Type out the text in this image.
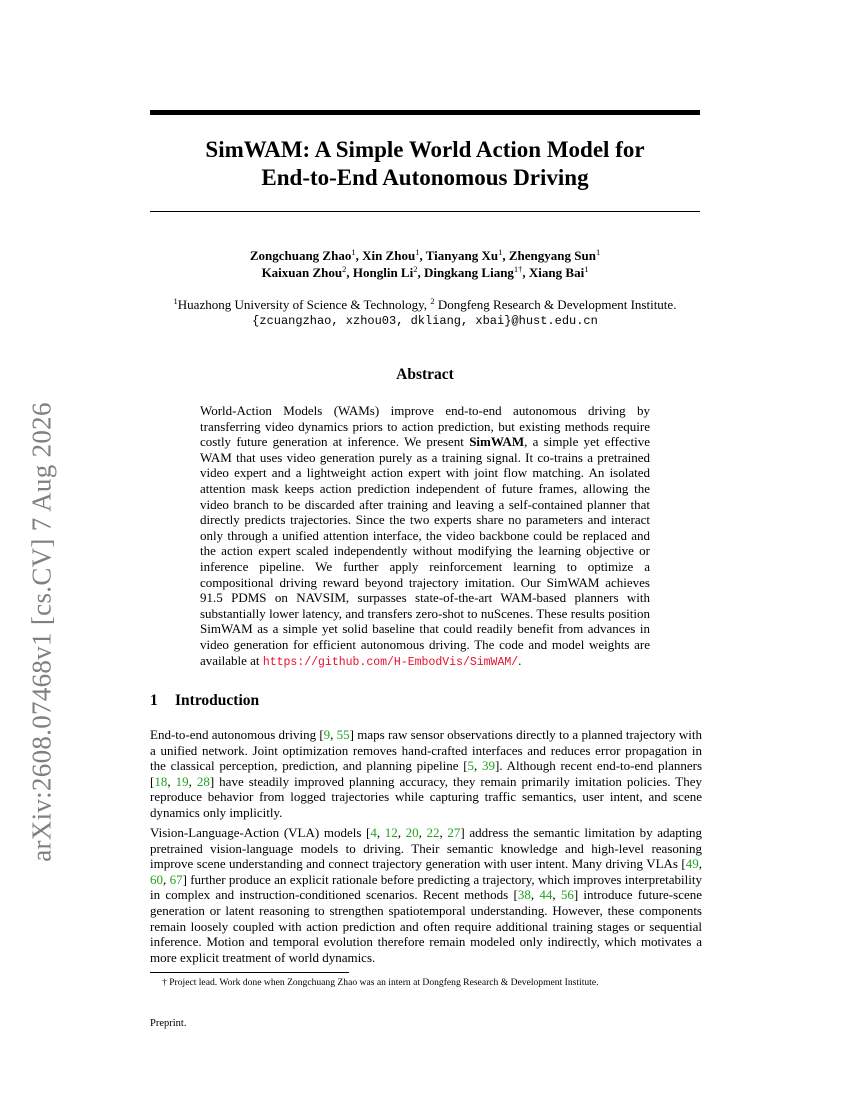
arXiv:2608.07468v1 [cs.CV] 7 Aug 2026
SimWAM: A Simple World Action Model for
End-to-End Autonomous Driving
Zongchuang Zhao$^1$, Xin Zhou$^1$, Tianyang Xu$^1$, Zhengyang Sun$^1$
Kaixuan Zhou$^2$, Honglin Li$^2$, Dingkang Liang$^{1\dagger}$, Xiang Bai$^1$
$^1$Huazhong University of Science & Technology, $^2$ Dongfeng Research & Development Institute.
{zcuangzhao, xzhou03, dkliang, xbai}@hust.edu.cn
Abstract
World-Action Models (WAMs) improve end-to-end autonomous driving by transferring video dynamics priors to action prediction, but existing methods require costly future generation at inference. We present SimWAM, a simple yet effective WAM that uses video generation purely as a training signal. It co-trains a pretrained video expert and a lightweight action expert with joint flow matching. An isolated attention mask keeps action prediction independent of future frames, allowing the video branch to be discarded after training and leaving a self-contained planner that directly predicts trajectories. Since the two experts share no parameters and interact only through a unified attention interface, the video backbone could be replaced and the action expert scaled independently without modifying the learning objective or inference pipeline. We further apply reinforcement learning to optimize a compositional driving reward beyond trajectory imitation. Our SimWAM achieves 91.5 PDMS on NAVSIM, surpasses state-of-the-art WAM-based planners with substantially lower latency, and transfers zero-shot to nuScenes. These results position SimWAM as a simple yet solid baseline that could readily benefit from advances in video generation for efficient autonomous driving. The code and model weights are available at https://github.com/H-EmbodVis/SimWAM/.
1 Introduction
End-to-end autonomous driving [9, 55] maps raw sensor observations directly to a planned trajectory with a unified network. Joint optimization removes hand-crafted interfaces and reduces error propagation in the classical perception, prediction, and planning pipeline [5, 39]. Although recent end-to-end planners [18, 19, 28] have steadily improved planning accuracy, they remain primarily imitation policies. They reproduce behavior from logged trajectories while capturing traffic semantics, user intent, and scene dynamics only implicitly.
Vision-Language-Action (VLA) models [4, 12, 20, 22, 27] address the semantic limitation by adapting pretrained vision-language models to driving. Their semantic knowledge and high-level reasoning improve scene understanding and connect trajectory generation with user intent. Many driving VLAs [49, 60, 67] further produce an explicit rationale before predicting a trajectory, which improves interpretability in complex and instruction-conditioned scenarios. Recent methods [38, 44, 56] introduce future-scene generation or latent reasoning to strengthen spatiotemporal understanding. However, these components remain loosely coupled with action prediction and often require additional training stages or sequential inference. Motion and temporal evolution therefore remain modeled only indirectly, which motivates a more explicit treatment of world dynamics.
† Project lead. Work done when Zongchuang Zhao was an intern at Dongfeng Research & Development Institute.
Preprint.
